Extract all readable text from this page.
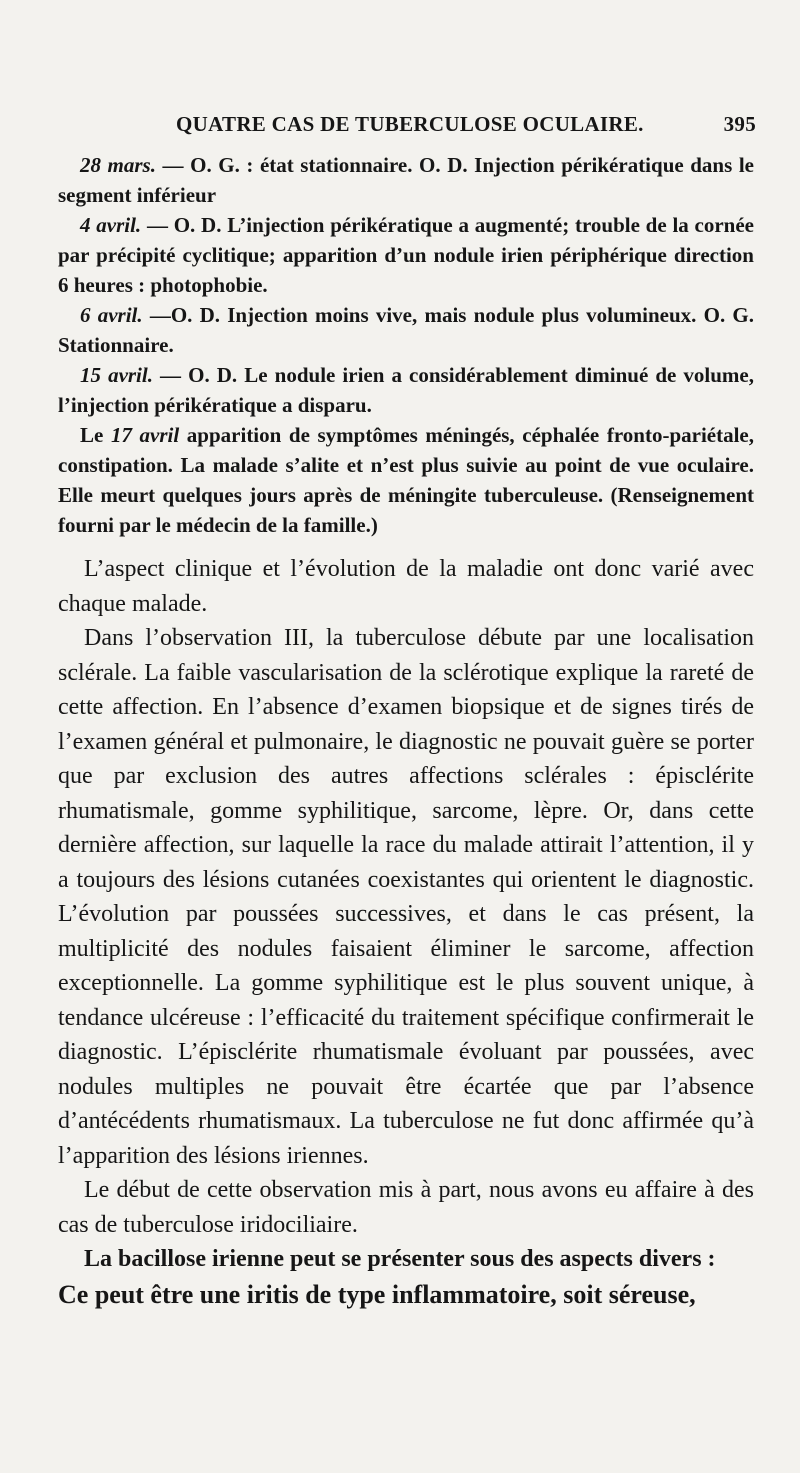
QUATRE CAS DE TUBERCULOSE OCULAIRE.	395

28 mars. — O. G. : état stationnaire. O. D. Injection périkératique dans le segment inférieur

4 avril. — O. D. L’injection périkératique a augmenté; trouble de la cornée par précipité cyclitique; apparition d’un nodule irien périphérique direction 6 heures : photophobie.

6 avril. —O. D. Injection moins vive, mais nodule plus volumineux. O. G. Stationnaire.

15 avril. — O. D. Le nodule irien a considérablement diminué de volume, l’injection périkératique a disparu.

Le 17 avril apparition de symptômes méningés, céphalée fronto-pariétale, constipation. La malade s’alite et n’est plus suivie au point de vue oculaire. Elle meurt quelques jours après de méningite tuberculeuse. (Renseignement fourni par le médecin de la famille.)

L’aspect clinique et l’évolution de la maladie ont donc varié avec chaque malade.

Dans l’observation III, la tuberculose débute par une localisation sclérale. La faible vascularisation de la sclérotique explique la rareté de cette affection. En l’absence d’examen biopsique et de signes tirés de l’examen général et pulmonaire, le diagnostic ne pouvait guère se porter que par exclusion des autres affections sclérales : épisclérite rhumatismale, gomme syphilitique, sarcome, lèpre. Or, dans cette dernière affection, sur laquelle la race du malade attirait l’attention, il y a toujours des lésions cutanées coexistantes qui orientent le diagnostic. L’évolution par poussées successives, et dans le cas présent, la multiplicité des nodules faisaient éliminer le sarcome, affection exceptionnelle. La gomme syphilitique est le plus souvent unique, à tendance ulcéreuse : l’efficacité du traitement spécifique confirmerait le diagnostic. L’épisclérite rhumatismale évoluant par poussées, avec nodules multiples ne pouvait être écartée que par l’absence d’antécédents rhumatismaux. La tuberculose ne fut donc affirmée qu’à l’apparition des lésions iriennes.

Le début de cette observation mis à part, nous avons eu affaire à des cas de tuberculose iridociliaire.

La bacillose irienne peut se présenter sous des aspects divers :

Ce peut être une iritis de type inflammatoire, soit séreuse,
